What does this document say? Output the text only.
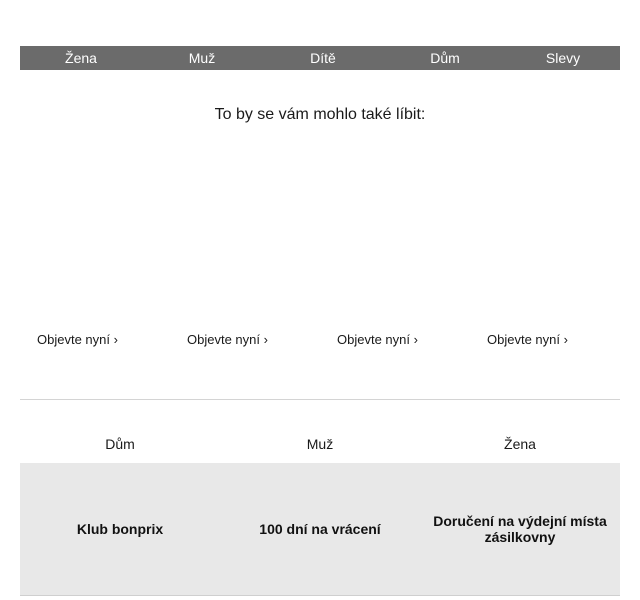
Žena	Muž	Dítě	Dům	Slevy
To by se vám mohlo také líbit:
Objevte nyní ›	Objevte nyní ›	Objevte nyní ›	Objevte nyní ›
Dům	Muž	Žena
Klub bonprix	100 dní na vrácení	Doručení na výdejní místa zásilkovny
